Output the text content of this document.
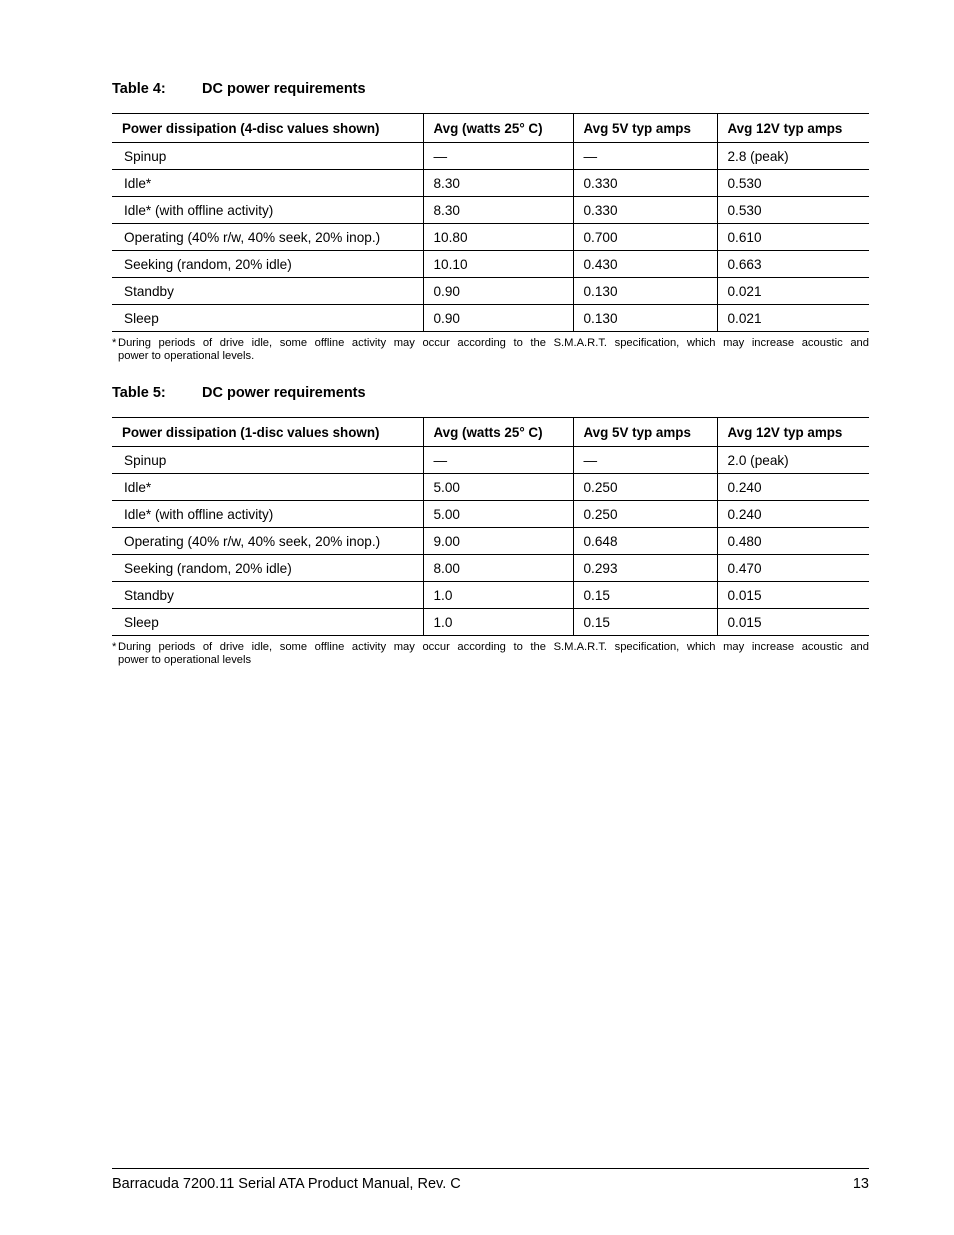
Table 4:	DC power requirements
Power dissipation (4-disc values shown)	Avg (watts 25° C)	Avg 5V typ amps	Avg 12V typ amps
Spinup	—	—	2.8 (peak)
Idle*	8.30	0.330	0.530
Idle* (with offline activity)	8.30	0.330	0.530
Operating (40% r/w, 40% seek, 20% inop.)	10.80	0.700	0.610
Seeking (random, 20% idle)	10.10	0.430	0.663
Standby	0.90	0.130	0.021
Sleep	0.90	0.130	0.021
* During periods of drive idle, some offline activity may occur according to the S.M.A.R.T. specification, which may increase acoustic and
power to operational levels.
Table 5:	DC power requirements
Power dissipation (1-disc values shown)	Avg (watts 25° C)	Avg 5V typ amps	Avg 12V typ amps
Spinup	—	—	2.0 (peak)
Idle*	5.00	0.250	0.240
Idle* (with offline activity)	5.00	0.250	0.240
Operating (40% r/w, 40% seek, 20% inop.)	9.00	0.648	0.480
Seeking (random, 20% idle)	8.00	0.293	0.470
Standby	1.0	0.15	0.015
Sleep	1.0	0.15	0.015
* During periods of drive idle, some offline activity may occur according to the S.M.A.R.T. specification, which may increase acoustic and
power to operational levels
Barracuda 7200.11 Serial ATA Product Manual, Rev. C	13
